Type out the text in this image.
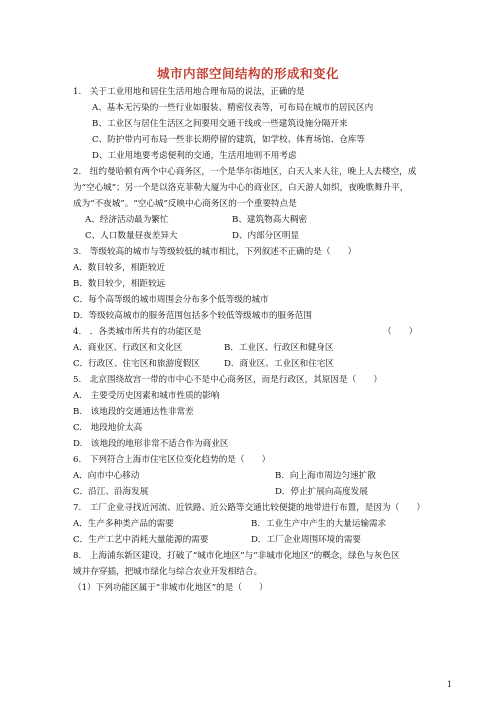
城市内部空间结构的形成和变化
1.　关于工业用地和居住生活用地合理布局的说法，正确的是
A、基本无污染的一些行业如服装、精密仪表等，可布局在城市的居民区内
B、工业区与居住生活区之间要用交通干线或一些建筑设施分隔开来
C、防护带内可布局一些非长期停留的建筑，如学校、体育场馆、仓库等
D、工业用地要考虑便利的交通，生活用地则不用考虑
2.　纽约曼哈顿有两个中心商务区，一个是华尔街地区，白天人来人往，晚上人去楼空，成
为“空心城”；另一个是以洛克菲勒大厦为中心的商业区，白天游人如织，夜晚歌舞升平，
成为“不夜城”。“空心城”反映中心商务区的一个重要特点是
A、经济活动最为繁忙	B、建筑物高大稠密
C、人口数量昼夜差异大	D、内部分区明显
3.　等级较高的城市与等级较低的城市相比，下列叙述不正确的是（　　）
A．数目较多，相距较近
B．数目较少，相距较远
C．每个高等级的城市周围会分布多个低等级的城市
D．等级较高城市的服务范围包括多个较低等级城市的服务范围
4.　．各类城市所共有的功能区是	（　　）
A．商业区、行政区和文化区	B．工业区、行政区和健身区
C．行政区、住宅区和旅游度假区	D．商业区、工业区和住宅区
5.　北京围绕故宫一带的市中心不是中心商务区，而是行政区，其原因是（　　）
A.　主要受历史因素和城市性质的影响
B.　该地段的交通通达性非常差
C.　地段地价太高
D.　该地段的地形非常不适合作为商业区
6.　下列符合上海市住宅区位变化趋势的是（　　）
A．向市中心移动	B．向上海市周边匀速扩散
C．沿江、沿海发展	D．停止扩展向高度发展
7.　工厂企业寻找近河流、近铁路、近公路等交通比较便捷的地带进行布置，是因为（　　）
A．生产多种类产品的需要	B．工业生产中产生的大量运输需求
C．生产工艺中消耗大量能源的需要	D．工厂企业周围环境的需要
8.　上海浦东新区建设，打破了“城市化地区”与“非城市化地区”的概念，绿色与灰色区
域并存穿插，把城市绿化与综合农业开发相结合。
（1）下列功能区属于“非城市化地区”的是（　　）
1
